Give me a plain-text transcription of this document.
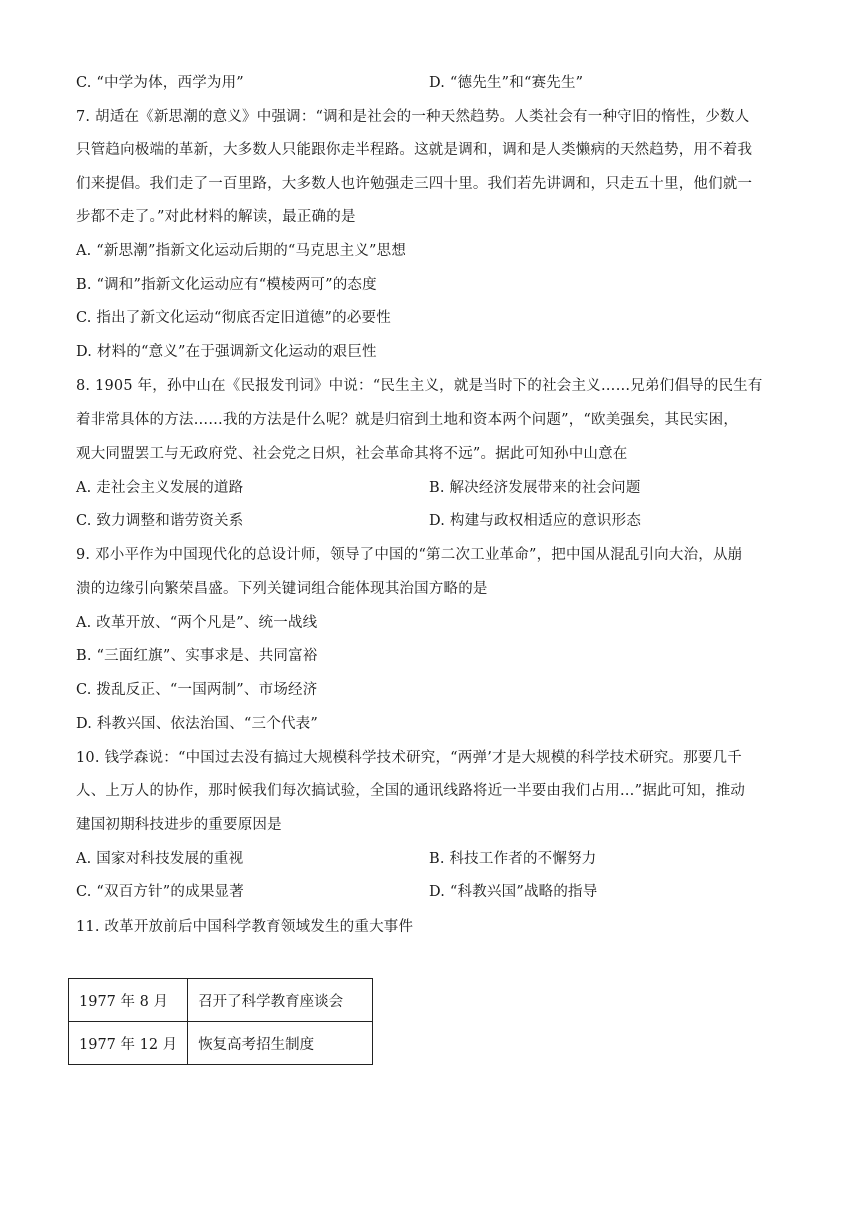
C. “中学为体，西学为用”	D. “德先生”和“赛先生”
7. 胡适在《新思潮的意义》中强调：“调和是社会的一种天然趋势。人类社会有一种守旧的惰性，少数人
只管趋向极端的革新，大多数人只能跟你走半程路。这就是调和，调和是人类懒病的天然趋势，用不着我
们来提倡。我们走了一百里路，大多数人也许勉强走三四十里。我们若先讲调和，只走五十里，他们就一
步都不走了。”对此材料的解读，最正确的是
A. “新思潮”指新文化运动后期的“马克思主义”思想
B. “调和”指新文化运动应有“模棱两可”的态度
C. 指出了新文化运动“彻底否定旧道德”的必要性
D. 材料的“意义”在于强调新文化运动的艰巨性
8. 1905 年，孙中山在《民报发刊词》中说：“民生主义，就是当时下的社会主义……兄弟们倡导的民生有
着非常具体的方法……我的方法是什么呢？就是归宿到土地和资本两个问题”，“欧美强矣，其民实困，
观大同盟罢工与无政府党、社会党之日炽，社会革命其将不远”。据此可知孙中山意在
A. 走社会主义发展的道路	B. 解决经济发展带来的社会问题
C. 致力调整和谐劳资关系	D. 构建与政权相适应的意识形态
9. 邓小平作为中国现代化的总设计师，领导了中国的“第二次工业革命”，把中国从混乱引向大治，从崩
溃的边缘引向繁荣昌盛。下列关键词组合能体现其治国方略的是
A. 改革开放、“两个凡是”、统一战线
B. “三面红旗”、实事求是、共同富裕
C. 拨乱反正、“一国两制”、市场经济
D. 科教兴国、依法治国、“三个代表”
10. 钱学森说：“中国过去没有搞过大规模科学技术研究，“两弹’才是大规模的科学技术研究。那要几千
人、上万人的协作，那时候我们每次搞试验，全国的通讯线路将近一半要由我们占用…”据此可知，推动
建国初期科技进步的重要原因是
A. 国家对科技发展的重视	B. 科技工作者的不懈努力
C. “双百方针”的成果显著	D. “科教兴国”战略的指导
11. 改革开放前后中国科学教育领域发生的重大事件
1977 年 8 月	召开了科学教育座谈会
1977 年 12 月	恢复高考招生制度
